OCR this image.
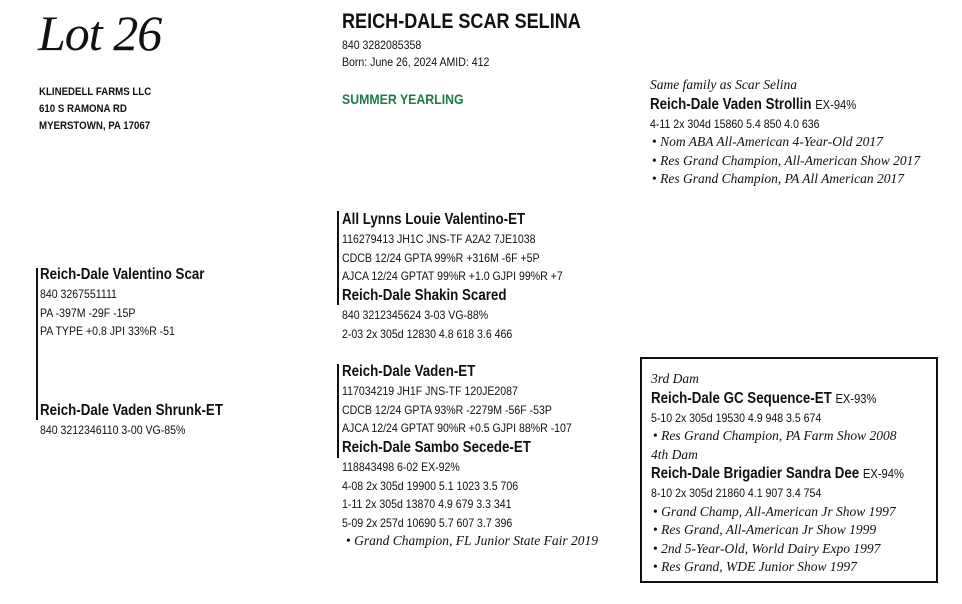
Lot 26
KLINEDELL FARMS LLC
610 S RAMONA RD
MYERSTOWN, PA 17067
REICH-DALE SCAR SELINA
840 3282085358
Born: June 26, 2024 AMID: 412
SUMMER YEARLING
Same family as Scar Selina
Reich-Dale Vaden Strollin EX-94%
4-11 2x 304d 15860 5.4 850 4.0 636
• Nom ABA All-American 4-Year-Old 2017
• Res Grand Champion, All-American Show 2017
• Res Grand Champion, PA All American 2017
Reich-Dale Valentino Scar
840 3267551111
PA -397M -29F -15P
PA TYPE +0.8 JPI 33%R -51
Reich-Dale Vaden Shrunk-ET
840 3212346110 3-00 VG-85%
All Lynns Louie Valentino-ET
116279413 JH1C JNS-TF A2A2 7JE1038
CDCB 12/24 GPTA 99%R +316M -6F +5P
AJCA 12/24 GPTAT 99%R +1.0 GJPI 99%R +7
Reich-Dale Shakin Scared
840 3212345624 3-03 VG-88%
2-03 2x 305d 12830 4.8 618 3.6 466
Reich-Dale Vaden-ET
117034219 JH1F JNS-TF 120JE2087
CDCB 12/24 GPTA 93%R -2279M -56F -53P
AJCA 12/24 GPTAT 90%R +0.5 GJPI 88%R -107
Reich-Dale Sambo Secede-ET
118843498 6-02 EX-92%
4-08 2x 305d 19900 5.1 1023 3.5 706
1-11 2x 305d 13870 4.9 679 3.3 341
5-09 2x 257d 10690 5.7 607 3.7 396
• Grand Champion, FL Junior State Fair 2019
3rd Dam
Reich-Dale GC Sequence-ET EX-93%
5-10 2x 305d 19530 4.9 948 3.5 674
• Res Grand Champion, PA Farm Show 2008
4th Dam
Reich-Dale Brigadier Sandra Dee EX-94%
8-10 2x 305d 21860 4.1 907 3.4 754
• Grand Champ, All-American Jr Show 1997
• Res Grand, All-American Jr Show 1999
• 2nd 5-Year-Old, World Dairy Expo 1997
• Res Grand, WDE Junior Show 1997
